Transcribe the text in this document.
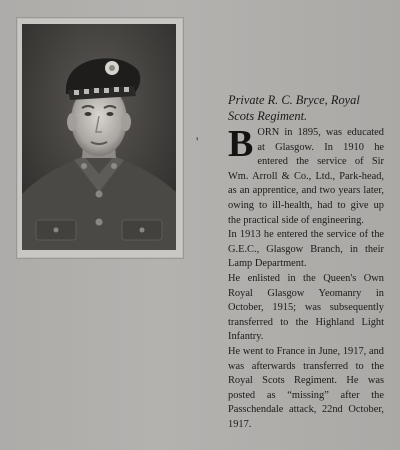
'
Private R. C. Bryce, Royal Scots Regiment.

BORN in 1895, was educated at Glasgow. In 1910 he entered the service of Sir Wm. Arroll & Co., Ltd., Park-head, as an apprentice, and two years later, owing to ill-health, had to give up the practical side of engineering.

In 1913 he entered the service of the G.E.C., Glasgow Branch, in their Lamp Department.

He enlisted in the Queen's Own Royal Glasgow Yeomanry in October, 1915; was subsequently transferred to the Highland Light Infantry.

He went to France in June, 1917, and was afterwards transferred to the Royal Scots Regiment. He was posted as “missing” after the Passchendale attack, 22nd October, 1917.
